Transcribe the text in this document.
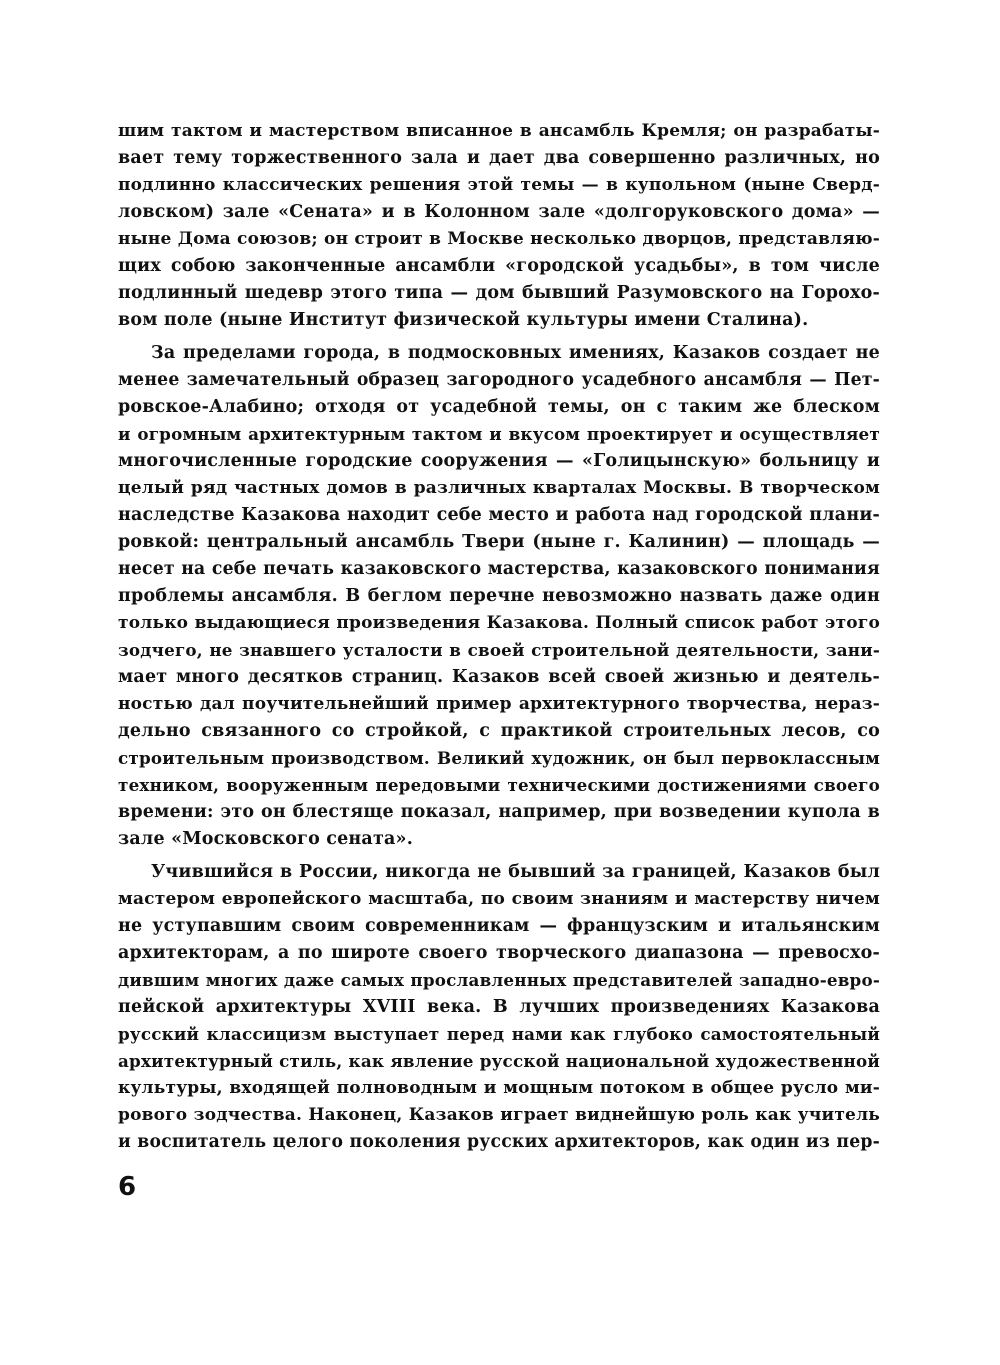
шим тактом и мастерством вписанное в ансамбль Кремля; он разрабаты-
вает тему торжественного зала и дает два совершенно различных, но
подлинно классических решения этой темы — в купольном (ныне Сверд-
ловском) зале «Сената» и в Колонном зале «долгоруковского дома» —
ныне Дома союзов; он строит в Москве несколько дворцов, представляю-
щих собою законченные ансамбли «городской усадьбы», в том числе
подлинный шедевр этого типа — дом бывший Разумовского на Горохо-
вом поле (ныне Институт физической культуры имени Сталина).
За пределами города, в подмосковных имениях, Казаков создает не
менее замечательный образец загородного усадебного ансамбля — Пет-
ровское-Алабино; отходя от усадебной темы, он с таким же блеском
и огромным архитектурным тактом и вкусом проектирует и осуществляет
многочисленные городские сооружения — «Голицынскую» больницу и
целый ряд частных домов в различных кварталах Москвы. В творческом
наследстве Казакова находит себе место и работа над городской плани-
ровкой: центральный ансамбль Твери (ныне г. Калинин) — площадь —
несет на себе печать казаковского мастерства, казаковского понимания
проблемы ансамбля. В беглом перечне невозможно назвать даже один
только выдающиеся произведения Казакова. Полный список работ этого
зодчего, не знавшего усталости в своей строительной деятельности, зани-
мает много десятков страниц. Казаков всей своей жизнью и деятель-
ностью дал поучительнейший пример архитектурного творчества, нераз-
дельно связанного со стройкой, с практикой строительных лесов, со
строительным производством. Великий художник, он был первоклассным
техником, вооруженным передовыми техническими достижениями своего
времени: это он блестяще показал, например, при возведении купола в
зале «Московского сената».
Учившийся в России, никогда не бывший за границей, Казаков был
мастером европейского масштаба, по своим знаниям и мастерству ничем
не уступавшим своим современникам — французским и итальянским
архитекторам, а по широте своего творческого диапазона — превосхо-
дившим многих даже самых прославленных представителей западно-евро-
пейской архитектуры XVIII века. В лучших произведениях Казакова
русский классицизм выступает перед нами как глубоко самостоятельный
архитектурный стиль, как явление русской национальной художественной
культуры, входящей полноводным и мощным потоком в общее русло ми-
рового зодчества. Наконец, Казаков играет виднейшую роль как учитель
и воспитатель целого поколения русских архитекторов, как один из пер-
6
